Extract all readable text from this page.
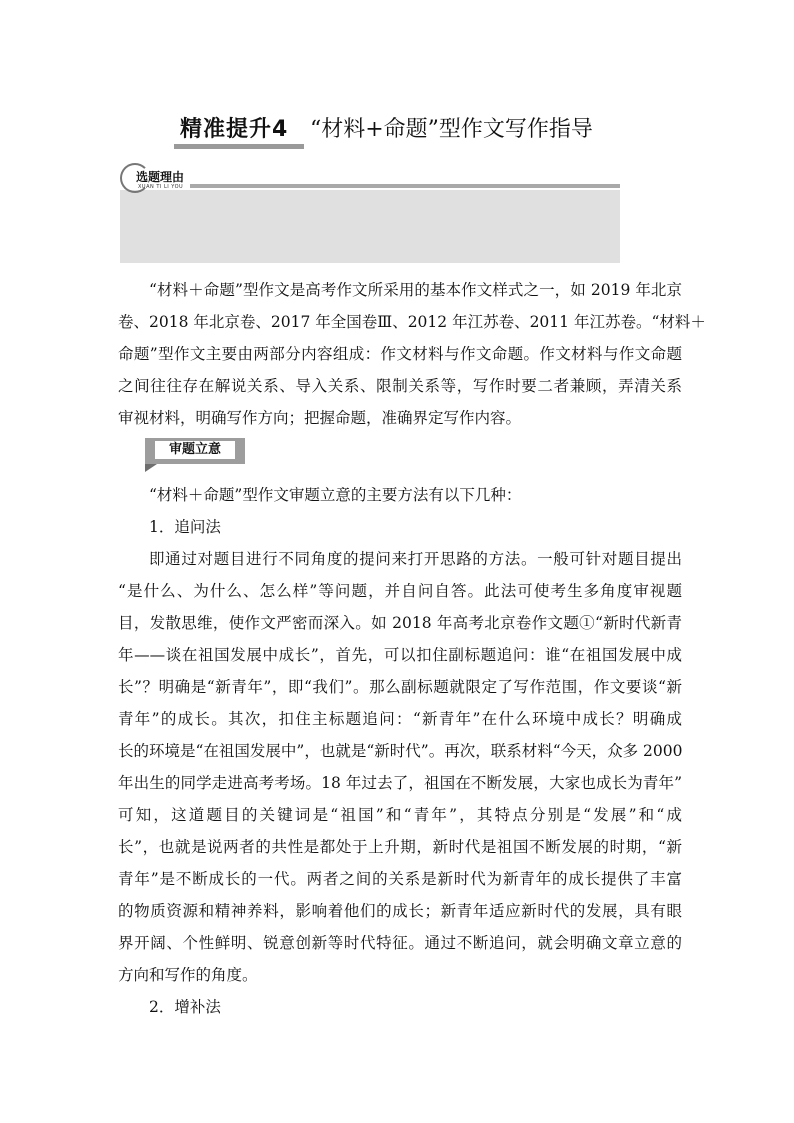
精准提升4 “材料+命题”型作文写作指导
选题理由
XUAN TI LI YOU
“材料＋命题”型作文是高考作文所采用的基本作文样式之一，如 2019 年北京
卷、2018 年北京卷、2017 年全国卷Ⅲ、2012 年江苏卷、2011 年江苏卷。“材料＋
命题”型作文主要由两部分内容组成：作文材料与作文命题。作文材料与作文命题
之间往往存在解说关系、导入关系、限制关系等，写作时要二者兼顾，弄清关系
审视材料，明确写作方向；把握命题，准确界定写作内容。
审题立意
“材料＋命题”型作文审题立意的主要方法有以下几种：
1．追问法
即通过对题目进行不同角度的提问来打开思路的方法。一般可针对题目提出
“是什么、为什么、怎么样”等问题，并自问自答。此法可使考生多角度审视题
目，发散思维，使作文严密而深入。如 2018 年高考北京卷作文题①“新时代新青
年——谈在祖国发展中成长”，首先，可以扣住副标题追问：谁“在祖国发展中成
长”？明确是“新青年”，即“我们”。那么副标题就限定了写作范围，作文要谈“新
青年”的成长。其次，扣住主标题追问：“新青年”在什么环境中成长？明确成
长的环境是“在祖国发展中”，也就是“新时代”。再次，联系材料“今天，众多 2000
年出生的同学走进高考考场。18 年过去了，祖国在不断发展，大家也成长为青年”
可知，这道题目的关键词是“祖国”和“青年”，其特点分别是“发展”和“成
长”，也就是说两者的共性是都处于上升期，新时代是祖国不断发展的时期，“新
青年”是不断成长的一代。两者之间的关系是新时代为新青年的成长提供了丰富
的物质资源和精神养料，影响着他们的成长；新青年适应新时代的发展，具有眼
界开阔、个性鲜明、锐意创新等时代特征。通过不断追问，就会明确文章立意的
方向和写作的角度。
2．增补法
